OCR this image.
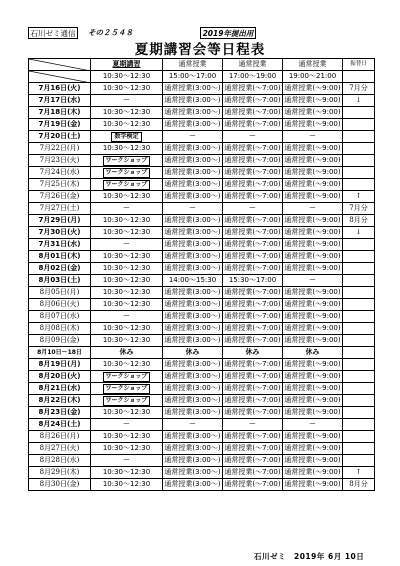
石川ゼミ通信	その２５４８	2019年提出用
夏期講習会等日程表
	夏期講習	通常授業	通常授業	通常授業	振替日

	10:30～12:30	15:00～17:00	17:00～19:00	19:00～21:00	
7月16日(火)	10:30～12:30	通常授業(3:00～)	通常授業(～7:00)	通常授業(～9:00)	7月分
7月17日(水)	ー	通常授業(3:00～)	通常授業(～7:00)	通常授業(～9:00)	↓
7月18日(木)	10:30～12:30	通常授業(3:00～)	通常授業(～7:00)	通常授業(～9:00)	
7月19日(金)	10:30～12:30	通常授業(3:00～)	通常授業(～7:00)	通常授業(～9:00)	
7月20日(土)	数学検定	ー	ー	ー	
7月22日(月)	10:30～12:30	通常授業(3:00～)	通常授業(～7:00)	通常授業(～9:00)	
7月23日(火)	ワークショップ	通常授業(3:00～)	通常授業(～7:00)	通常授業(～9:00)	
7月24日(水)	ワークショップ	通常授業(3:00～)	通常授業(～7:00)	通常授業(～9:00)	
7月25日(木)	ワークショップ	通常授業(3:00～)	通常授業(～7:00)	通常授業(～9:00)	
7月26日(金)	10:30～12:30	通常授業(3:00～)	通常授業(～7:00)	通常授業(～9:00)	↑
7月27日(土)	ー	ー	ー	ー	7月分
7月29日(月)	10:30～12:30	通常授業(3:00～)	通常授業(～7:00)	通常授業(～9:00)	8月分
7月30日(火)	10:30～12:30	通常授業(3:00～)	通常授業(～7:00)	通常授業(～9:00)	↓
7月31日(水)	ー	通常授業(3:00～)	通常授業(～7:00)	通常授業(～9:00)	
8月01日(木)	10:30～12:30	通常授業(3:00～)	通常授業(～7:00)	通常授業(～9:00)	
8月02日(金)	10:30～12:30	通常授業(3:00～)	通常授業(～7:00)	通常授業(～9:00)	
8月03日(土)	10:30～12:30	14:00～15:30	15:30～17:00	ー	
8月05日(月)	10:30～12:30	通常授業(3:00～)	通常授業(～7:00)	通常授業(～9:00)	
8月06日(火)	10:30～12:30	通常授業(3:00～)	通常授業(～7:00)	通常授業(～9:00)	
8月07日(水)	ー	通常授業(3:00～)	通常授業(～7:00)	通常授業(～9:00)	
8月08日(木)	10:30～12:30	通常授業(3:00～)	通常授業(～7:00)	通常授業(～9:00)	
8月09日(金)	10:30～12:30	通常授業(3:00～)	通常授業(～7:00)	通常授業(～9:00)	
8月10日～18日	休み	休み	休み	休み	
8月19日(月)	10:30～12:30	通常授業(3:00～)	通常授業(～7:00)	通常授業(～9:00)	
8月20日(火)	ワークショップ	通常授業(3:00～)	通常授業(～7:00)	通常授業(～9:00)	
8月21日(水)	ワークショップ	通常授業(3:00～)	通常授業(～7:00)	通常授業(～9:00)	
8月22日(木)	ワークショップ	通常授業(3:00～)	通常授業(～7:00)	通常授業(～9:00)	
8月23日(金)	10:30～12:30	通常授業(3:00～)	通常授業(～7:00)	通常授業(～9:00)	
8月24日(土)	ー	ー	ー	ー	
8月26日(月)	10:30～12:30	通常授業(3:00～)	通常授業(～7:00)	通常授業(～9:00)	
8月27日(火)	10:30～12:30	通常授業(3:00～)	通常授業(～7:00)	通常授業(～9:00)	
8月28日(水)	ー	通常授業(3:00～)	通常授業(～7:00)	通常授業(～9:00)	
8月29日(木)	10:30～12:30	通常授業(3:00～)	通常授業(～7:00)	通常授業(～9:00)	↑
8月30日(金)	10:30～12:30	通常授業(3:00～)	通常授業(～7:00)	通常授業(～9:00)	8月分
石川ゼミ　2019年 6月 10日
